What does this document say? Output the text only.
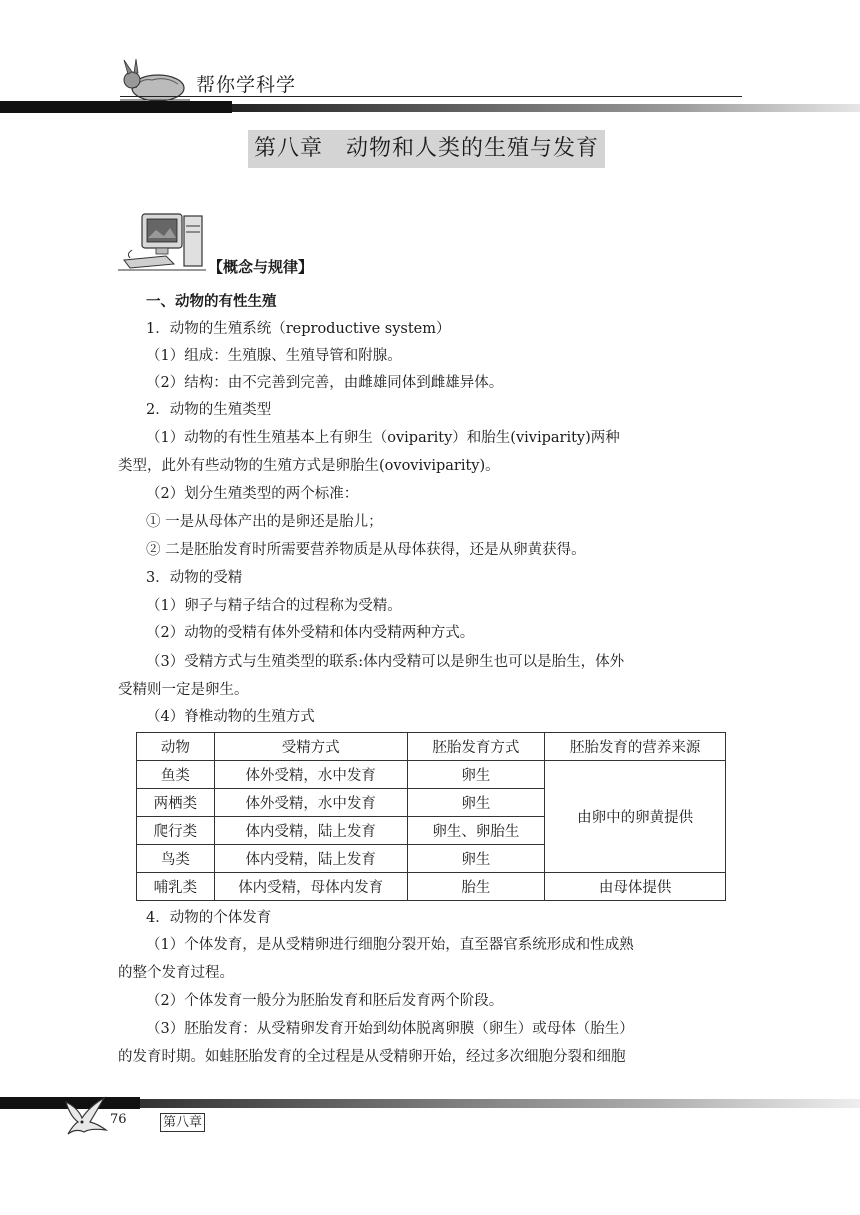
帮你学科学
第八章　动物和人类的生殖与发育
【概念与规律】
一、动物的有性生殖
1．动物的生殖系统（reproductive system）
（1）组成：生殖腺、生殖导管和附腺。
（2）结构：由不完善到完善，由雌雄同体到雌雄异体。
2．动物的生殖类型
（1）动物的有性生殖基本上有卵生（oviparity）和胎生(viviparity)两种
类型，此外有些动物的生殖方式是卵胎生(ovoviviparity)。
（2）划分生殖类型的两个标准：
① 一是从母体产出的是卵还是胎儿；
② 二是胚胎发育时所需要营养物质是从母体获得，还是从卵黄获得。
3．动物的受精
（1）卵子与精子结合的过程称为受精。
（2）动物的受精有体外受精和体内受精两种方式。
（3）受精方式与生殖类型的联系:体内受精可以是卵生也可以是胎生，体外
受精则一定是卵生。
（4）脊椎动物的生殖方式
动物	受精方式	胚胎发育方式	胚胎发育的营养来源
鱼类	体外受精，水中发育	卵生	由卵中的卵黄提供
两栖类	体外受精，水中发育	卵生	
爬行类	体内受精，陆上发育	卵生、卵胎生	
鸟类	体内受精，陆上发育	卵生	
哺乳类	体内受精，母体内发育	胎生	由母体提供
4．动物的个体发育
（1）个体发育，是从受精卵进行细胞分裂开始，直至器官系统形成和性成熟
的整个发育过程。
（2）个体发育一般分为胚胎发育和胚后发育两个阶段。
（3）胚胎发育：从受精卵发育开始到幼体脱离卵膜（卵生）或母体（胎生）
的发育时期。如蛙胚胎发育的全过程是从受精卵开始，经过多次细胞分裂和细胞
76	第八章
